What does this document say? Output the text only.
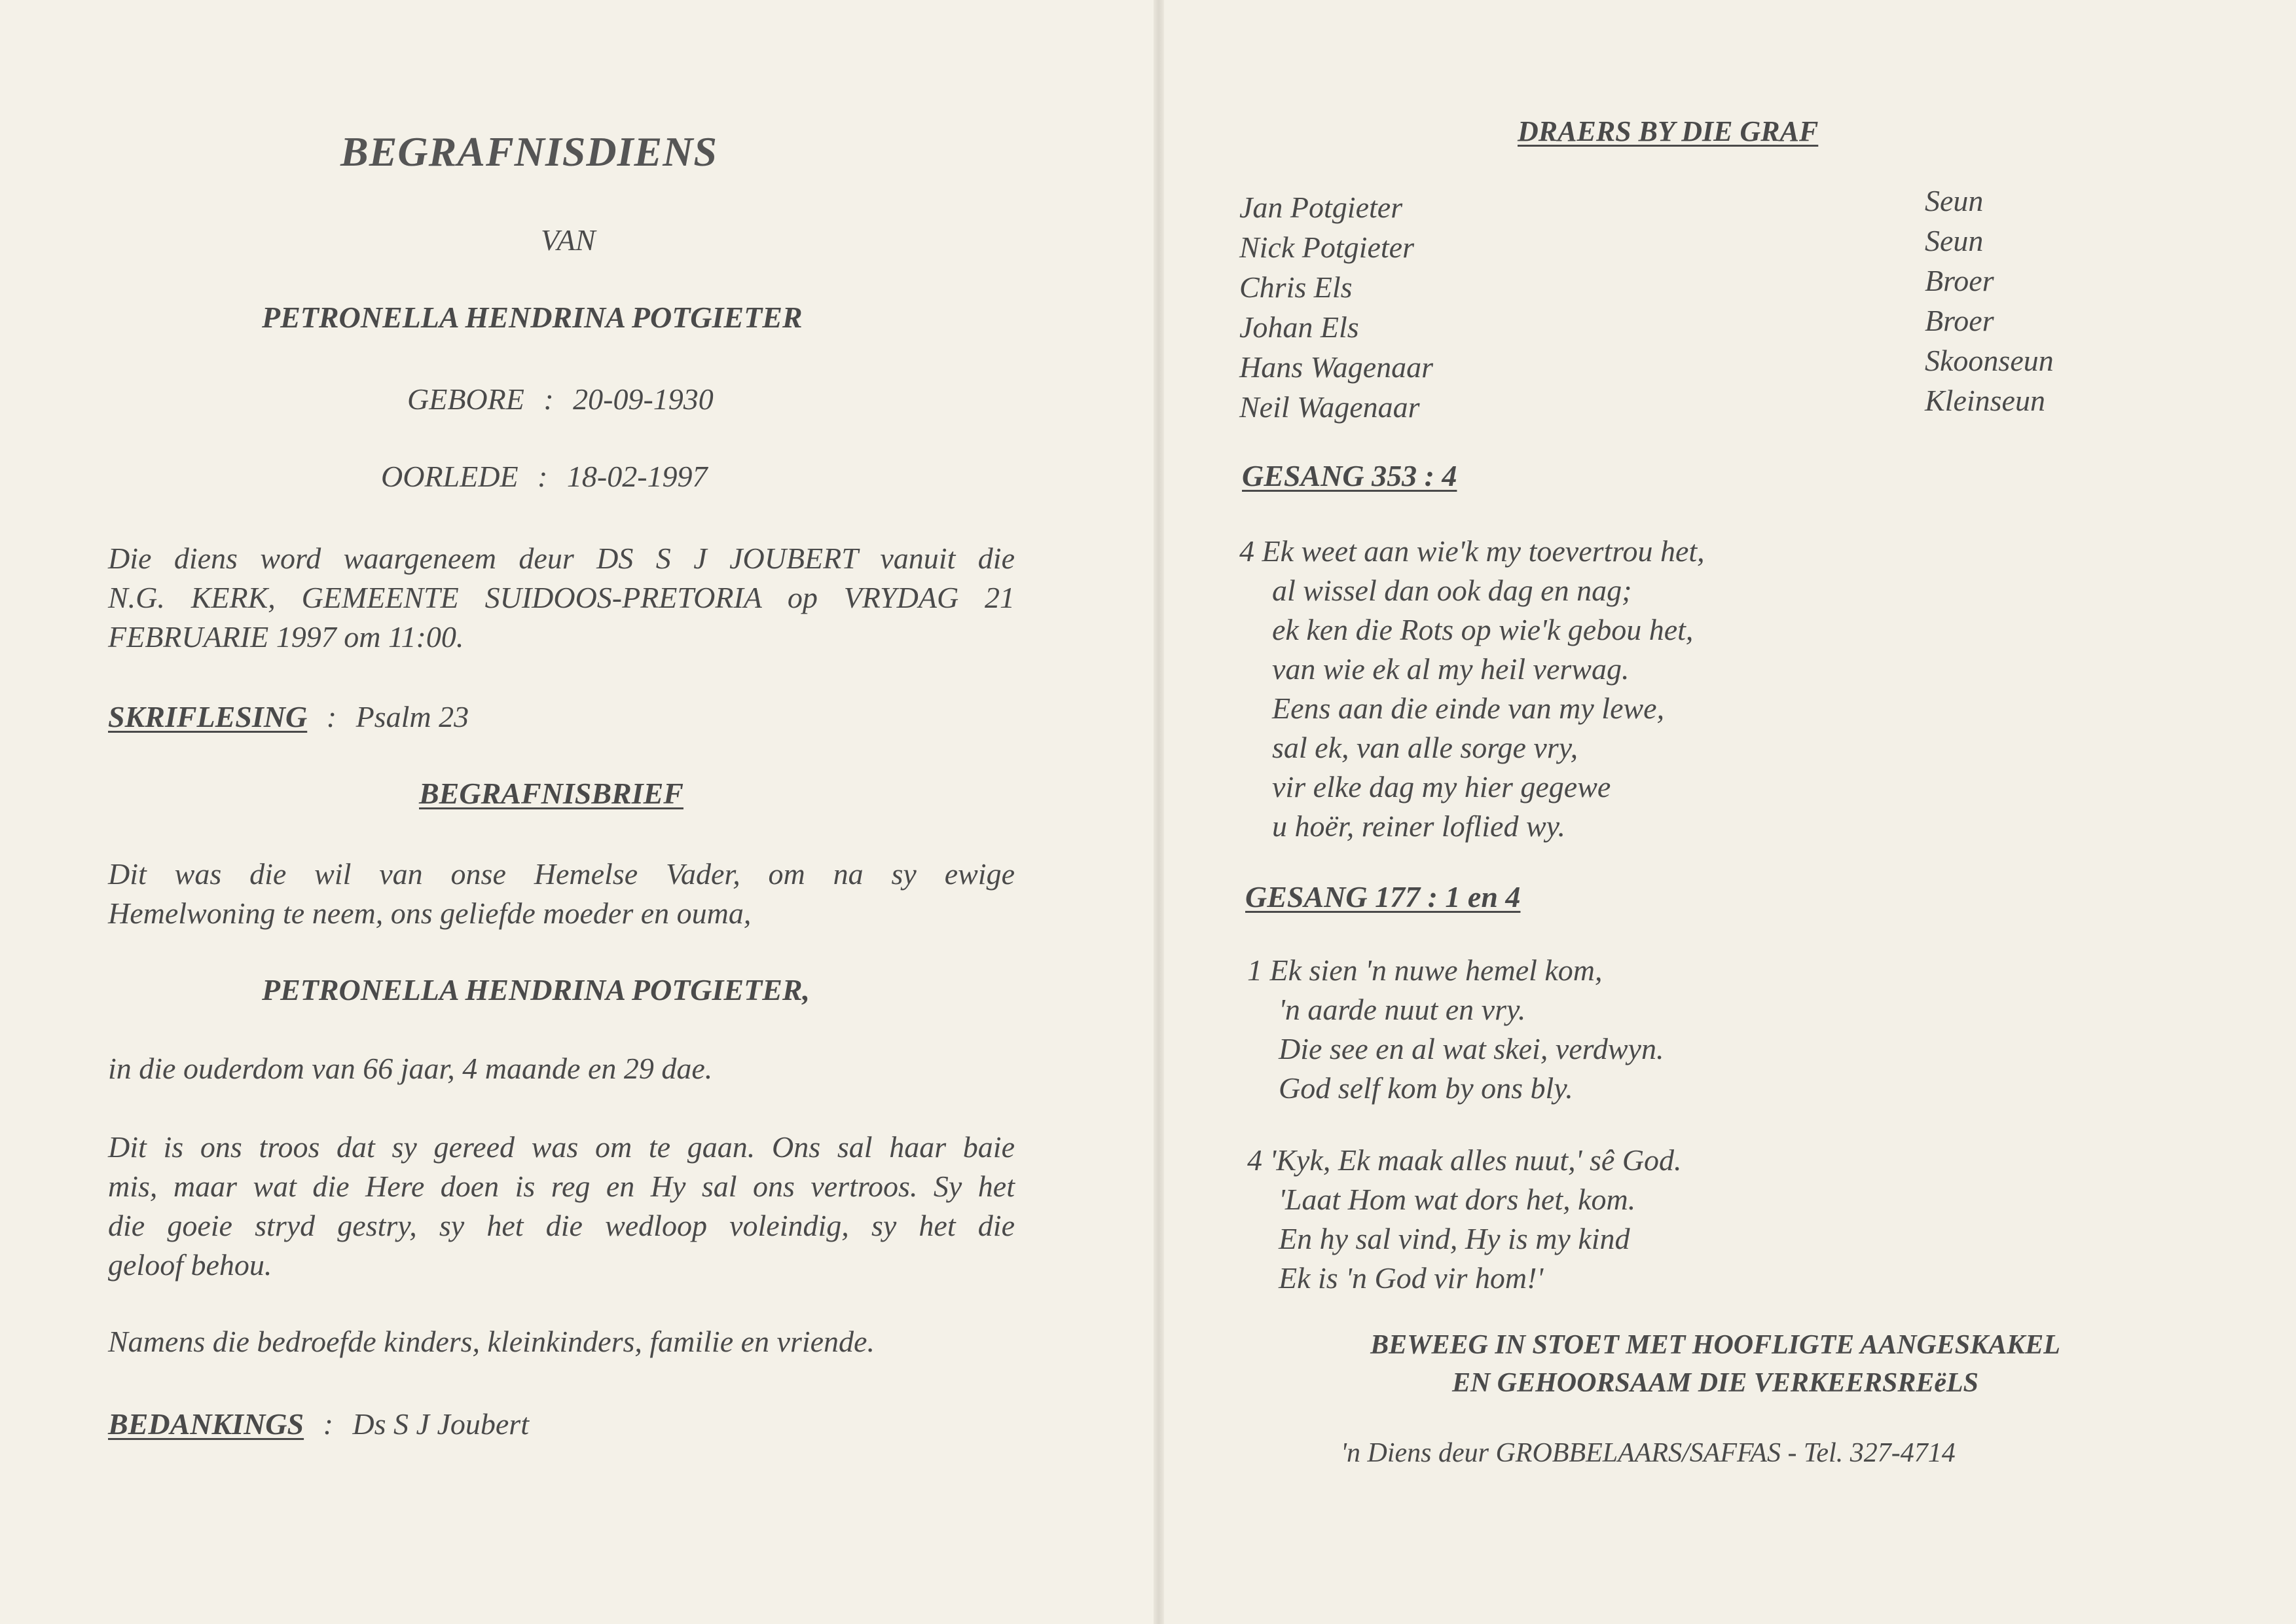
BEGRAFNISDIENS
VAN
PETRONELLA HENDRINA POTGIETER
GEBORE : 20-09-1930
OORLEDE : 18-02-1997
Die diens word waargeneem deur DS S J JOUBERT vanuit die
N.G. KERK, GEMEENTE SUIDOOS-PRETORIA op VRYDAG 21
FEBRUARIE 1997 om 11:00.
SKRIFLESING : Psalm 23
BEGRAFNISBRIEF
Dit was die wil van onse Hemelse Vader, om na sy ewige
Hemelwoning te neem, ons geliefde moeder en ouma,
PETRONELLA HENDRINA POTGIETER,
in die ouderdom van 66 jaar, 4 maande en 29 dae.
Dit is ons troos dat sy gereed was om te gaan. Ons sal haar baie
mis, maar wat die Here doen is reg en Hy sal ons vertroos. Sy het
die goeie stryd gestry, sy het die wedloop voleindig, sy het die
geloof behou.
Namens die bedroefde kinders, kleinkinders, familie en vriende.
BEDANKINGS : Ds S J Joubert
DRAERS BY DIE GRAF
Jan Potgieter	Seun
Nick Potgieter	Seun
Chris Els	Broer
Johan Els	Broer
Hans Wagenaar	Skoonseun
Neil Wagenaar	Kleinseun
GESANG 353 : 4
4 Ek weet aan wie'k my toevertrou het,
al wissel dan ook dag en nag;
ek ken die Rots op wie'k gebou het,
van wie ek al my heil verwag.
Eens aan die einde van my lewe,
sal ek, van alle sorge vry,
vir elke dag my hier gegewe
u hoër, reiner loflied wy.
GESANG 177 : 1 en 4
1 Ek sien 'n nuwe hemel kom,
'n aarde nuut en vry.
Die see en al wat skei, verdwyn.
God self kom by ons bly.
4 'Kyk, Ek maak alles nuut,' sê God.
'Laat Hom wat dors het, kom.
En hy sal vind, Hy is my kind
Ek is 'n God vir hom!'
BEWEEG IN STOET MET HOOFLIGTE AANGESKAKEL
EN GEHOORSAAM DIE VERKEERSREëLS
'n Diens deur GROBBELAARS/SAFFAS - Tel. 327-4714
